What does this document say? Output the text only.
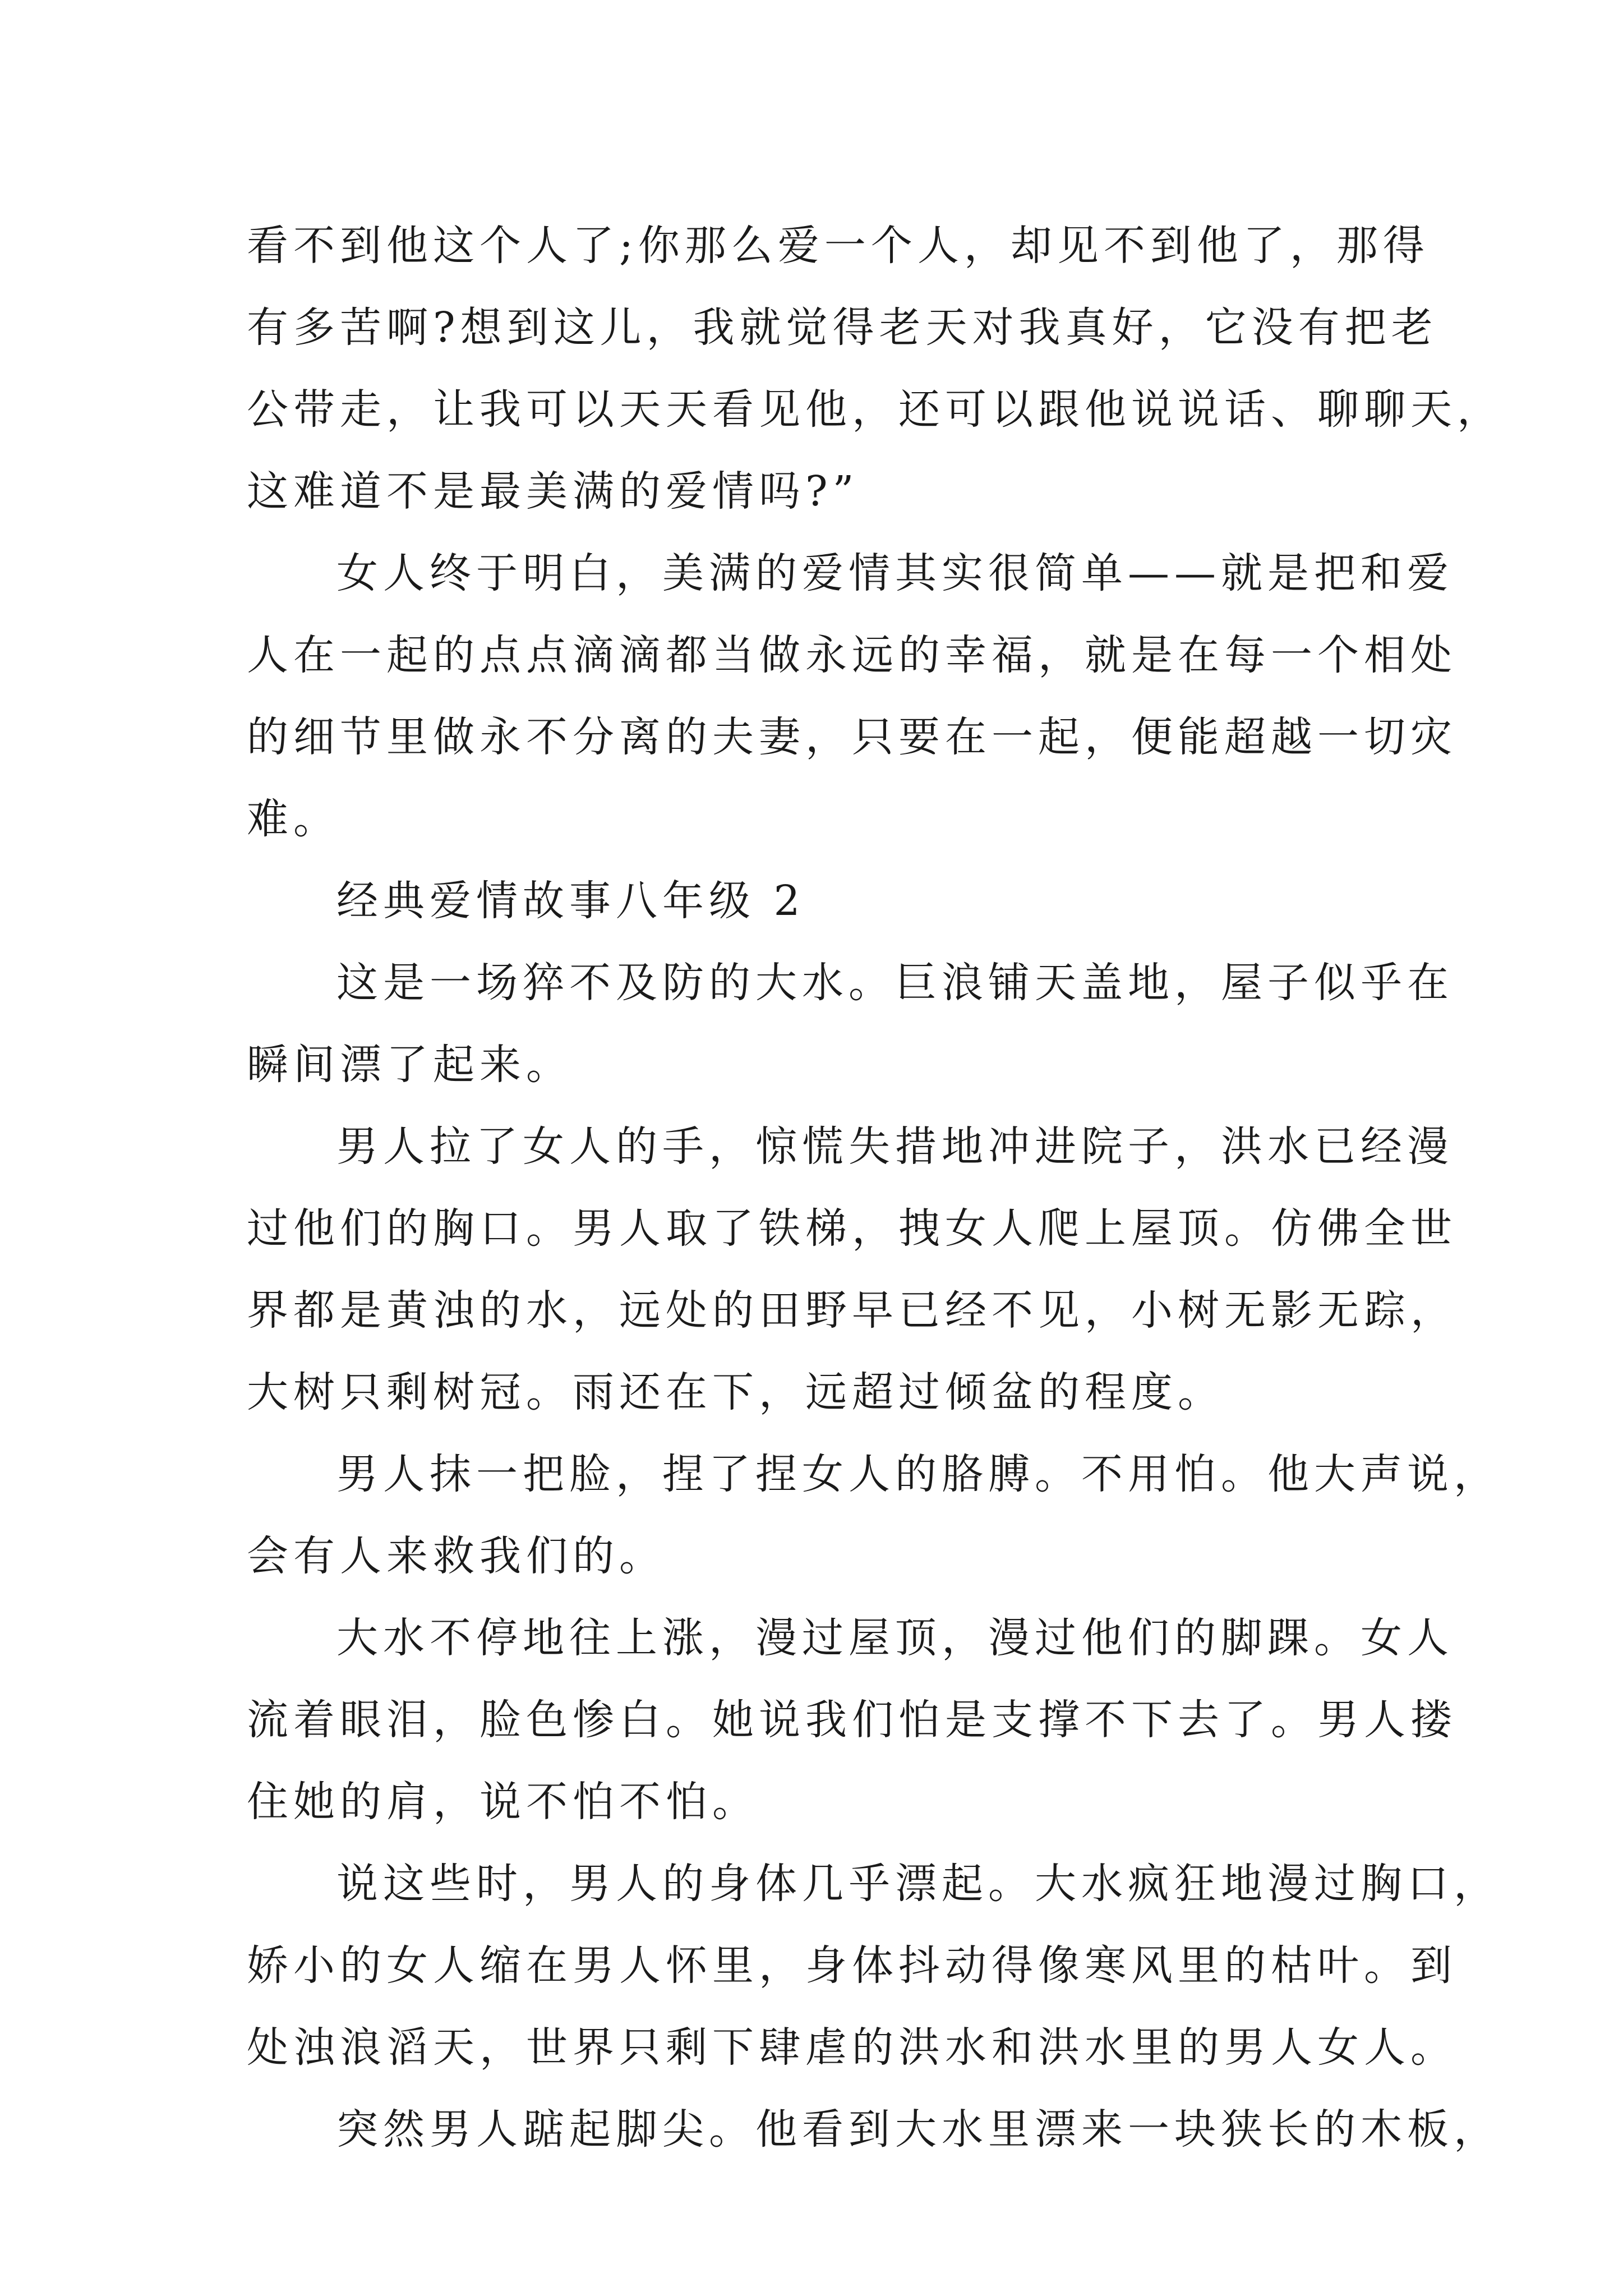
看不到他这个人了;你那么爱一个人，却见不到他了，那得
有多苦啊?想到这儿，我就觉得老天对我真好，它没有把老
公带走，让我可以天天看见他，还可以跟他说说话、聊聊天，
这难道不是最美满的爱情吗?”

女人终于明白，美满的爱情其实很简单——就是把和爱
人在一起的点点滴滴都当做永远的幸福，就是在每一个相处
的细节里做永不分离的夫妻，只要在一起，便能超越一切灾
难。

经典爱情故事八年级 2

这是一场猝不及防的大水。巨浪铺天盖地，屋子似乎在
瞬间漂了起来。

男人拉了女人的手，惊慌失措地冲进院子，洪水已经漫
过他们的胸口。男人取了铁梯，拽女人爬上屋顶。仿佛全世
界都是黄浊的水，远处的田野早已经不见，小树无影无踪，
大树只剩树冠。雨还在下，远超过倾盆的程度。

男人抹一把脸，捏了捏女人的胳膊。不用怕。他大声说，
会有人来救我们的。

大水不停地往上涨，漫过屋顶，漫过他们的脚踝。女人
流着眼泪，脸色惨白。她说我们怕是支撑不下去了。男人搂
住她的肩，说不怕不怕。

说这些时，男人的身体几乎漂起。大水疯狂地漫过胸口，
娇小的女人缩在男人怀里，身体抖动得像寒风里的枯叶。到
处浊浪滔天，世界只剩下肆虐的洪水和洪水里的男人女人。

突然男人踮起脚尖。他看到大水里漂来一块狭长的木板，
